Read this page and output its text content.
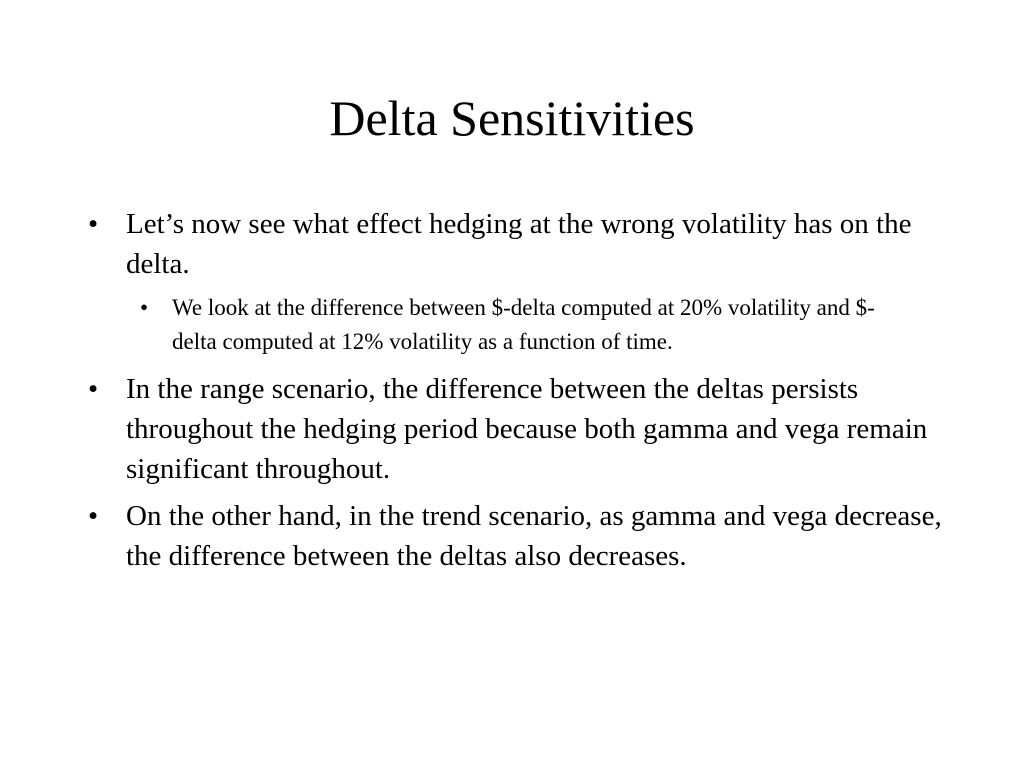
Delta Sensitivities
• Let’s now see what effect hedging at the wrong volatility has on the delta.
• We look at the difference between $-delta computed at 20% volatility and $-delta computed at 12% volatility as a function of time.
• In the range scenario, the difference between the deltas persists throughout the hedging period because both gamma and vega remain significant throughout.
• On the other hand, in the trend scenario, as gamma and vega decrease, the difference between the deltas also decreases.
